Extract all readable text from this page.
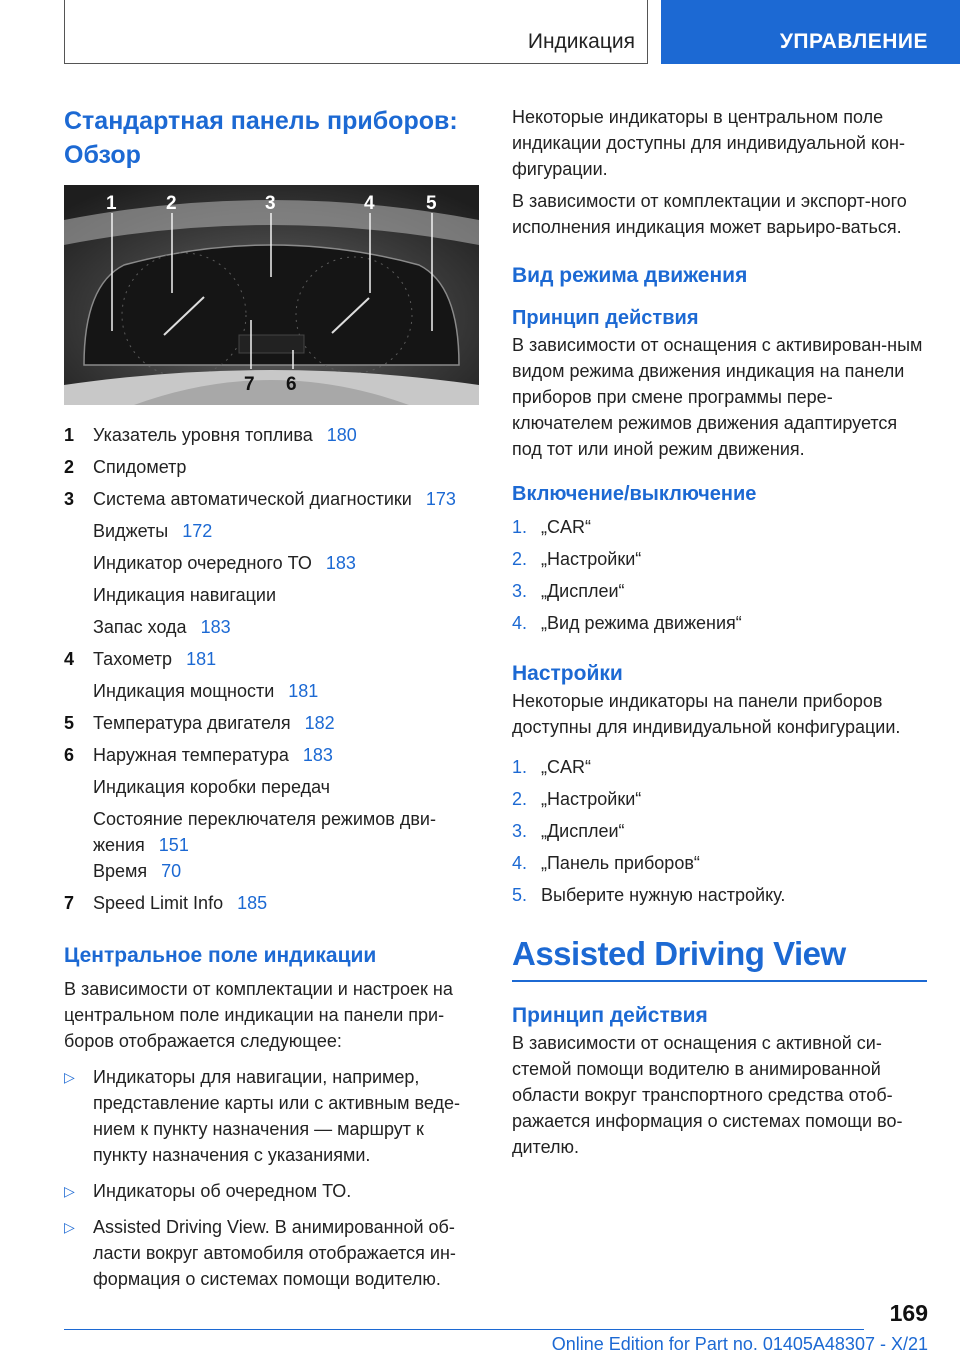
Индикация	УПРАВЛЕНИЕ
Стандартная панель приборов: Обзор
1	2	3	4	5
7 6
1 Указатель уровня топлива 180
2 Спидометр
3 Система автоматической диагностики 173
Виджеты 172
Индикатор очередного ТО 183
Индикация навигации
Запас хода 183
4 Тахометр 181
Индикация мощности 181
5 Температура двигателя 182
6 Наружная температура 183
Индикация коробки передач
Состояние переключателя режимов дви-
жения 151
Время 70
7 Speed Limit Info 185
Центральное поле индикации

В зависимости от комплектации и настроек на центральном поле индикации на панели при-боров отображается следующее:

▷ Индикаторы для навигации, например, представление карты или с активным веде-нием к пункту назначения — маршрут к пункту назначения с указаниями.
▷ Индикаторы об очередном ТО.
▷ Assisted Driving View. В анимированной об-ласти вокруг автомобиля отображается ин-формация о системах помощи водителю.

Некоторые индикаторы в центральном поле индикации доступны для индивидуальной кон-фигурации.

В зависимости от комплектации и экспорт-ного исполнения индикация может варьиро-ваться.

Вид режима движения
Принцип действия

В зависимости от оснащения с активирован-ным видом режима движения индикация на панели приборов при смене программы пере-ключателем режимов движения адаптируется под тот или иной режим движения.

Включение/выключение
1. „CAR“
2. „Настройки“
3. „Дисплеи“
4. „Вид режима движения“
Настройки

Некоторые индикаторы на панели приборов доступны для индивидуальной конфигурации.

1. „CAR“
2. „Настройки“
3. „Дисплеи“
4. „Панель приборов“
5. Выберите нужную настройку.
Assisted Driving View
Принцип действия

В зависимости от оснащения с активной си-стемой помощи водителю в анимированной области вокруг транспортного средства отоб-ражается информация о системах помощи во-дителю.

169
Online Edition for Part no. 01405A48307 - X/21
